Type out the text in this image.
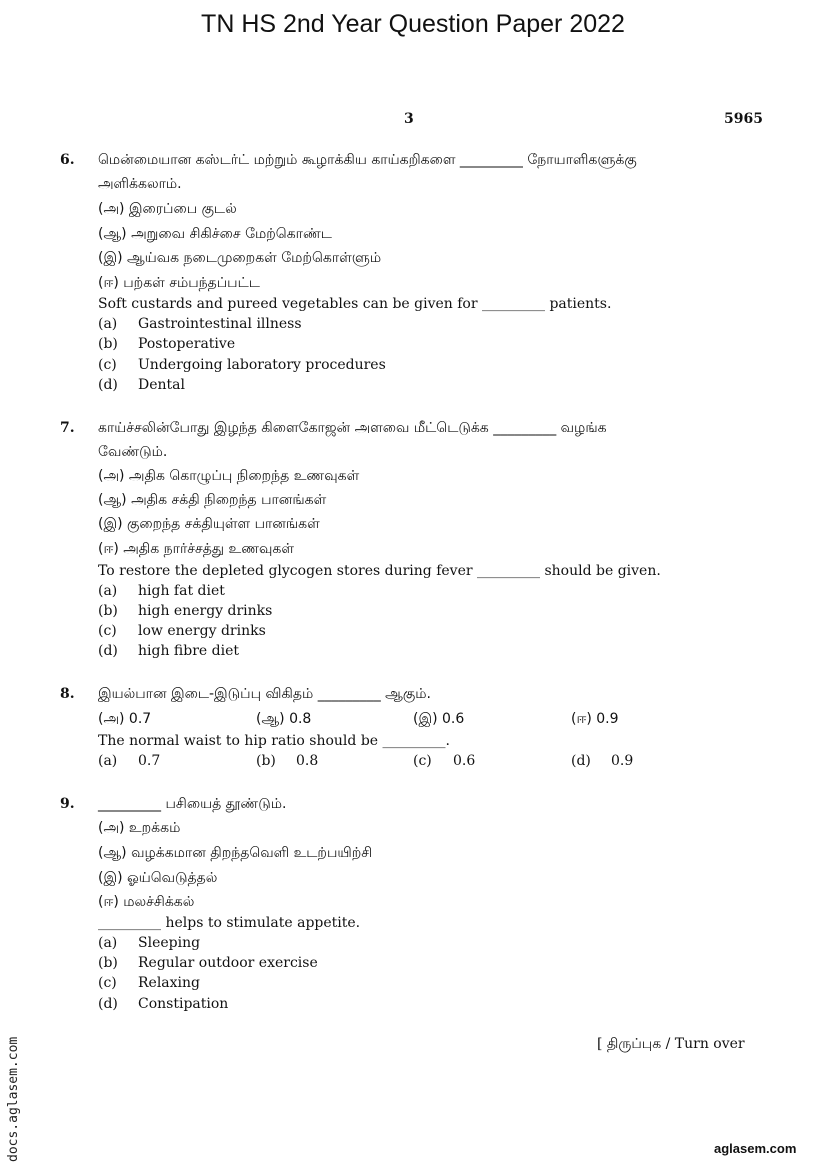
TN HS 2nd Year Question Paper 2022
3	5965
6. மென்மையான கஸ்டர்ட் மற்றும் கூழாக்கிய காய்கறிகளை _________ நோயாளிகளுக்கு
அளிக்கலாம்.
(அ) இரைப்பை குடல்
(ஆ) அறுவை சிகிச்சை மேற்கொண்ட
(இ) ஆய்வக நடைமுறைகள் மேற்கொள்ளும்
(ஈ) பற்கள் சம்பந்தப்பட்ட
Soft custards and pureed vegetables can be given for _________ patients.
(a) Gastrointestinal illness
(b) Postoperative
(c) Undergoing laboratory procedures
(d) Dental
7. காய்ச்சலின்போது இழந்த கிளைகோஜன் அளவை மீட்டெடுக்க _________ வழங்க
வேண்டும்.
(அ) அதிக கொழுப்பு நிறைந்த உணவுகள்
(ஆ) அதிக சக்தி நிறைந்த பானங்கள்
(இ) குறைந்த சக்தியுள்ள பானங்கள்
(ஈ) அதிக நார்ச்சத்து உணவுகள்
To restore the depleted glycogen stores during fever _________ should be given.
(a) high fat diet
(b) high energy drinks
(c) low energy drinks
(d) high fibre diet
8. இயல்பான இடை-இடுப்பு விகிதம் _________ ஆகும்.
(அ) 0.7	(ஆ) 0.8	(இ) 0.6	(ஈ) 0.9
The normal waist to hip ratio should be _________.
(a) 0.7	(b) 0.8	(c) 0.6	(d) 0.9
9. _________ பசியைத் தூண்டும்.
(அ) உறக்கம்
(ஆ) வழக்கமான திறந்தவெளி உடற்பயிற்சி
(இ) ஓய்வெடுத்தல்
(ஈ) மலச்சிக்கல்
_________ helps to stimulate appetite.
(a) Sleeping
(b) Regular outdoor exercise
(c) Relaxing
(d) Constipation
[ திருப்புக / Turn over
docs.aglasem.com	aglasem.com
